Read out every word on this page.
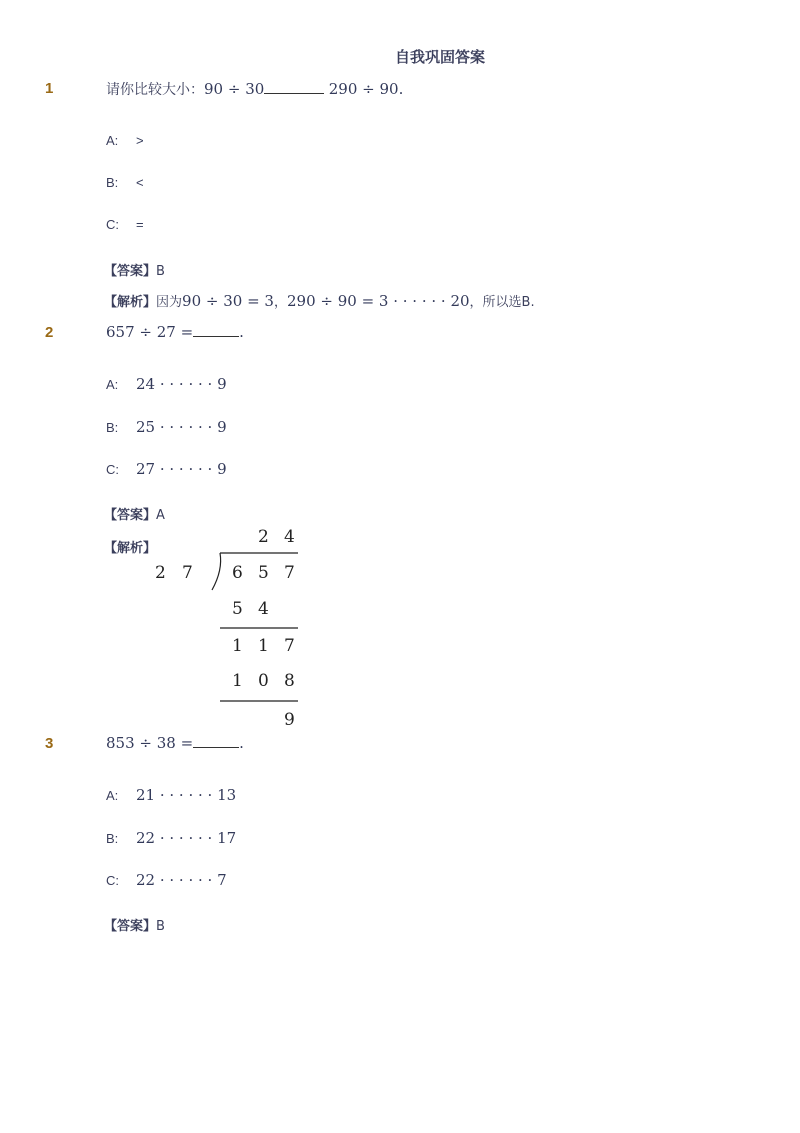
自我巩固答案
1	请你比较大小：90 ÷ 30	290 ÷ 90.
A: >
B: <
C: =
【答案】B
【解析】因为90 ÷ 30 = 3，290 ÷ 90 = 3 · · · · · · 20，所以选B.
2	657 ÷ 27 =	.
A: 24 · · · · · · 9
B: 25 · · · · · · 9
C: 27 · · · · · · 9
【答案】A
【解析】
2 4
2 7 6 5 7
5 4
1 1 7
1 0 8
9
3	853 ÷ 38 =	.
A: 21 · · · · · · 13
B: 22 · · · · · · 17
C: 22 · · · · · · 7
【答案】B
